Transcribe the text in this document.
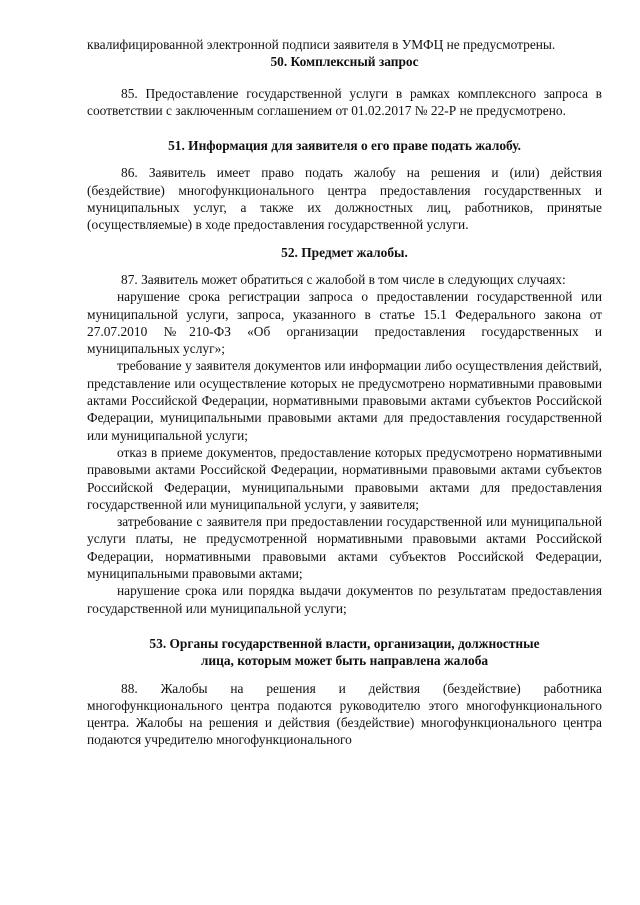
квалифицированной электронной подписи заявителя в УМФЦ не предусмотрены.

50. Комплексный запрос

85. Предоставление государственной услуги в рамках комплексного запроса в соответствии с заключенным соглашением от 01.02.2017 № 22-Р не предусмотрено.

51. Информация для заявителя о его праве подать жалобу.

86. Заявитель имеет право подать жалобу на решения и (или) действия (бездействие) многофункционального центра предоставления государственных и муниципальных услуг, а также их должностных лиц, работников, принятые (осуществляемые) в ходе предоставления государственной услуги.

52. Предмет жалобы.

87. Заявитель может обратиться с жалобой в том числе в следующих случаях:

нарушение срока регистрации запроса о предоставлении государственной или муниципальной услуги, запроса, указанного в статье 15.1 Федерального закона от 27.07.2010 №210-ФЗ «Об организации предоставления государственных и муниципальных услуг»;

требование у заявителя документов или информации либо осуществления действий, представление или осуществление которых не предусмотрено нормативными правовыми актами Российской Федерации, нормативными правовыми актами субъектов Российской Федерации, муниципальными правовыми актами для предоставления государственной или муниципальной услуги;

отказ в приеме документов, предоставление которых предусмотрено нормативными правовыми актами Российской Федерации, нормативными правовыми актами субъектов Российской Федерации, муниципальными правовыми актами для предоставления государственной или муниципальной услуги, у заявителя;

затребование с заявителя при предоставлении государственной или муниципальной услуги платы, не предусмотренной нормативными правовыми актами Российской Федерации, нормативными правовыми актами субъектов Российской Федерации, муниципальными правовыми актами;

нарушение срока или порядка выдачи документов по результатам предоставления государственной или муниципальной услуги;

53. Органы государственной власти, организации, должностные
лица, которым может быть направлена жалоба

88. Жалобы на решения и действия (бездействие) работника многофункционального центра подаются руководителю этого многофункционального центра. Жалобы на решения и действия (бездействие) многофункционального центра подаются учредителю многофункционального
